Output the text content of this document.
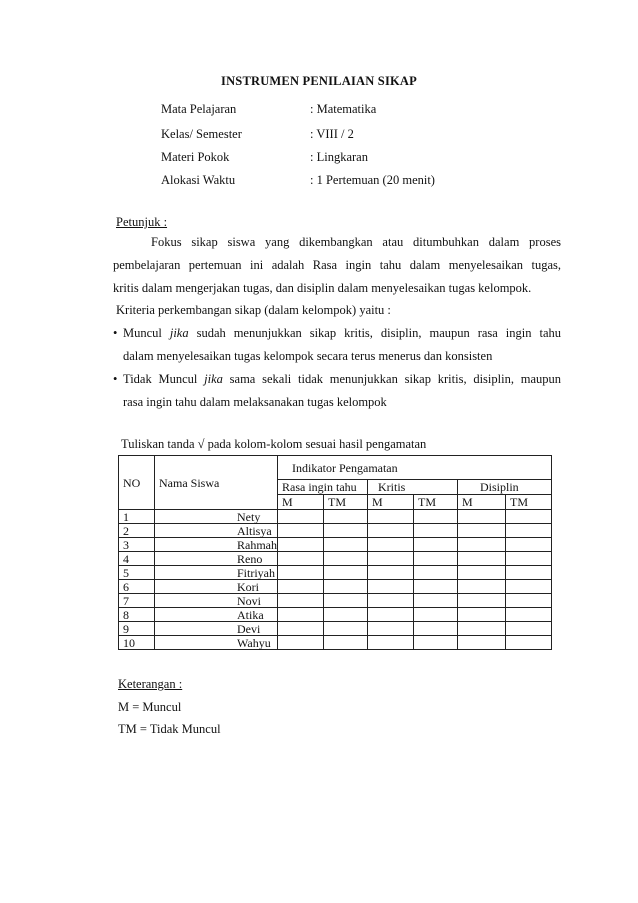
INSTRUMEN PENILAIAN SIKAP
Mata Pelajaran	: Matematika
Kelas/ Semester	: VIII / 2
Materi Pokok	: Lingkaran
Alokasi Waktu	: 1 Pertemuan (20 menit)
Petunjuk :
Fokus sikap siswa yang dikembangkan atau ditumbuhkan dalam proses
pembelajaran pertemuan ini adalah Rasa ingin tahu dalam menyelesaikan tugas,
kritis dalam mengerjakan tugas, dan disiplin dalam menyelesaikan tugas kelompok.
Kriteria perkembangan sikap (dalam kelompok) yaitu :
• Muncul jika sudah menunjukkan sikap kritis, disiplin, maupun rasa ingin tahu
dalam menyelesaikan tugas kelompok secara terus menerus dan konsisten
• Tidak Muncul jika sama sekali tidak menunjukkan sikap kritis, disiplin, maupun
rasa ingin tahu dalam melaksanakan tugas kelompok
Tuliskan tanda √ pada kolom-kolom sesuai hasil pengamatan
NO	Nama Siswa	Indikator Pengamatan					
		Rasa ingin tahu		Kritis		Disiplin	
		M	TM	M	TM	M	TM
1	Nety						
2	Altisya						
3	Rahmah						
4	Reno						
5	Fitriyah						
6	Kori						
7	Novi						
8	Atika						
9	Devi						
10	Wahyu						
Keterangan :
M = Muncul
TM = Tidak Muncul
